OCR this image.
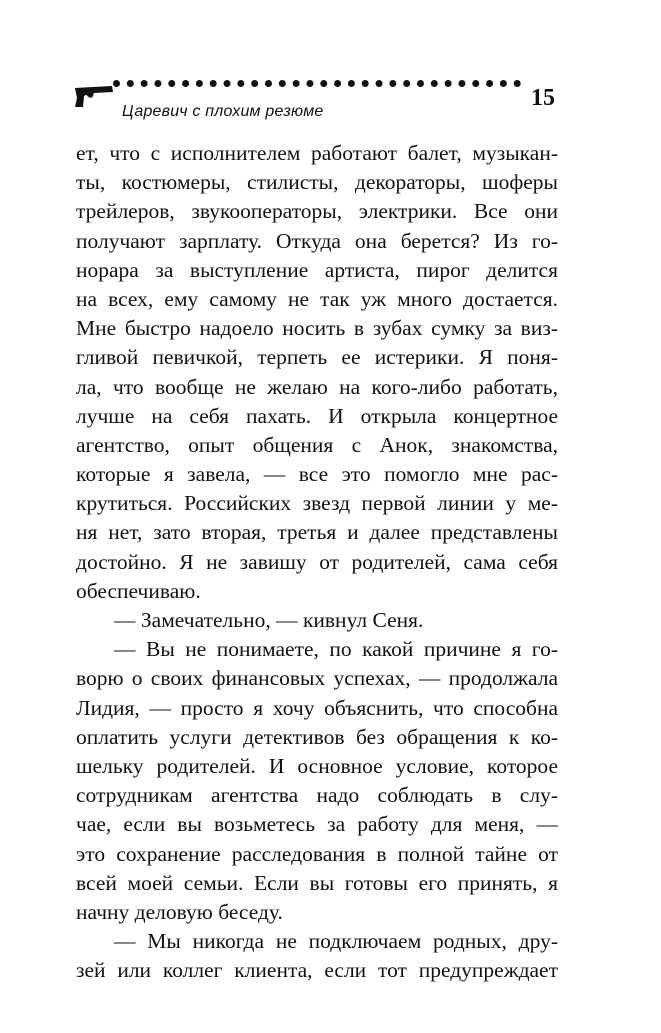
Царевич с плохим резюме
15
ет, что с исполнителем работают балет, музыкан-
ты, костюмеры, стилисты, декораторы, шоферы
трейлеров, звукооператоры, электрики. Все они
получают зарплату. Откуда она берется? Из го-
норара за выступление артиста, пирог делится
на всех, ему самому не так уж много достается.
Мне быстро надоело носить в зубах сумку за виз-
гливой певичкой, терпеть ее истерики. Я поня-
ла, что вообще не желаю на кого-либо работать,
лучше на себя пахать. И открыла концертное
агентство, опыт общения с Анок, знакомства,
которые я завела, — все это помогло мне рас-
крутиться. Российских звезд первой линии у ме-
ня нет, зато вторая, третья и далее представлены
достойно. Я не завишу от родителей, сама себя
обеспечиваю.
— Замечательно, — кивнул Сеня.
— Вы не понимаете, по какой причине я го-
ворю о своих финансовых успехах, — продолжала
Лидия, — просто я хочу объяснить, что способна
оплатить услуги детективов без обращения к ко-
шельку родителей. И основное условие, которое
сотрудникам агентства надо соблюдать в слу-
чае, если вы возьметесь за работу для меня, —
это сохранение расследования в полной тайне от
всей моей семьи. Если вы готовы его принять, я
начну деловую беседу.
— Мы никогда не подключаем родных, дру-
зей или коллег клиента, если тот предупреждает
